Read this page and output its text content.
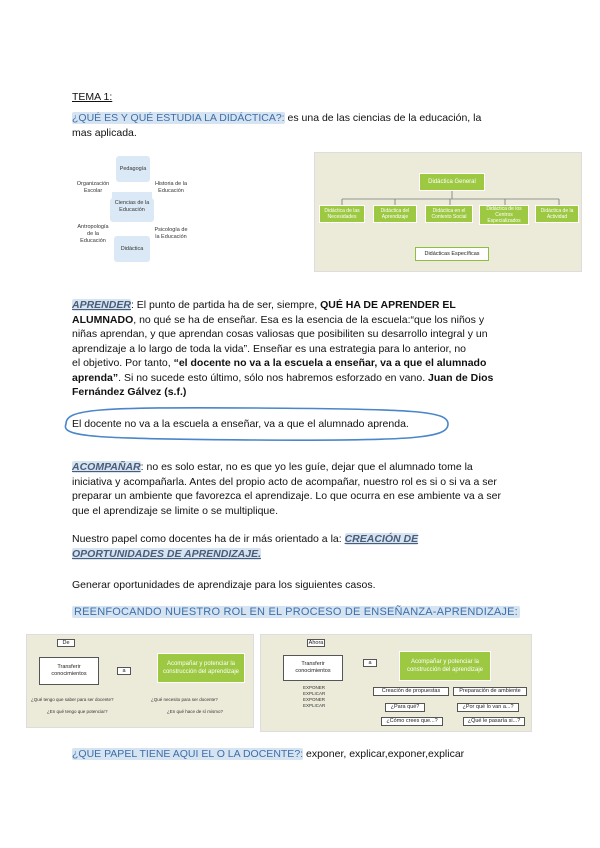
TEMA 1:
¿QUÉ ES Y QUÉ ESTUDIA LA DIDÁCTICA?: es una de las ciencias de la educación, la
mas aplicada.
Pedagogía
Ciencias de la Educación
Historia de la Educación
Psicología de la Educación
Didáctica
Antropología de la Educación
Organización Escolar
Didáctica General
Didáctica de las Necesidades
Didáctica del Aprendizaje
Didáctica en el Contexto Social
Didáctica de los Centros Especializados
Didáctica de la Actividad
Didácticas Específicas
APRENDER: El punto de partida ha de ser, siempre, QUÉ HA DE APRENDER EL
ALUMNADO, no qué se ha de enseñar. Esa es la esencia de la escuela:“que los niños y
niñas aprendan, y que aprendan cosas valiosas que posibiliten su desarrollo integral y un
aprendizaje a lo largo de toda la vida”. Enseñar es una estrategia para lo anterior, no
el objetivo. Por tanto, “el docente no va a la escuela a enseñar, va a que el alumnado
aprenda”. Si no sucede esto último, sólo nos habremos esforzado en vano. Juan de Dios
Fernández Gálvez (s.f.)
El docente no va a la escuela a enseñar, va a que el alumnado aprenda.
ACOMPAÑAR: no es solo estar, no es que yo les guíe, dejar que el alumnado tome la
iniciativa y acompañarla. Antes del propio acto de acompañar, nuestro rol es si o si va a ser
preparar un ambiente que favorezca el aprendizaje. Lo que ocurra en ese ambiente va a ser
que el aprendizaje se limite o se multiplique.
Nuestro papel como docentes ha de ir más orientado a la: CREACIÓN DE
OPORTUNIDADES DE APRENDIZAJE.
Generar oportunidades de aprendizaje para los siguientes casos.
REENFOCANDO NUESTRO ROL EN EL PROCESO DE ENSEÑANZA-APRENDIZAJE:
De
Transferir conocimientos
a
Acompañar y potenciar la construcción del aprendizaje
¿Qué tengo que saber para ser docente?	¿Qué necesito para ser docente?
¿En qué tengo que potenciar?	¿En qué hace de sí mismo?
Ahora
Transferir conocimientos
a	Acompañar y potenciar la construcción del aprendizaje
EXPONER
EXPLICAR
EXPONER
EXPLICAR
Creación de propuestas	Preparación de ambiente
¿Para qué?	¿Por qué lo van a...?
¿Cómo crees que...?	¿Qué le pasaría si...?
¿QUE PAPEL TIENE AQUI EL O LA DOCENTE?: exponer, explicar,exponer,explicar
